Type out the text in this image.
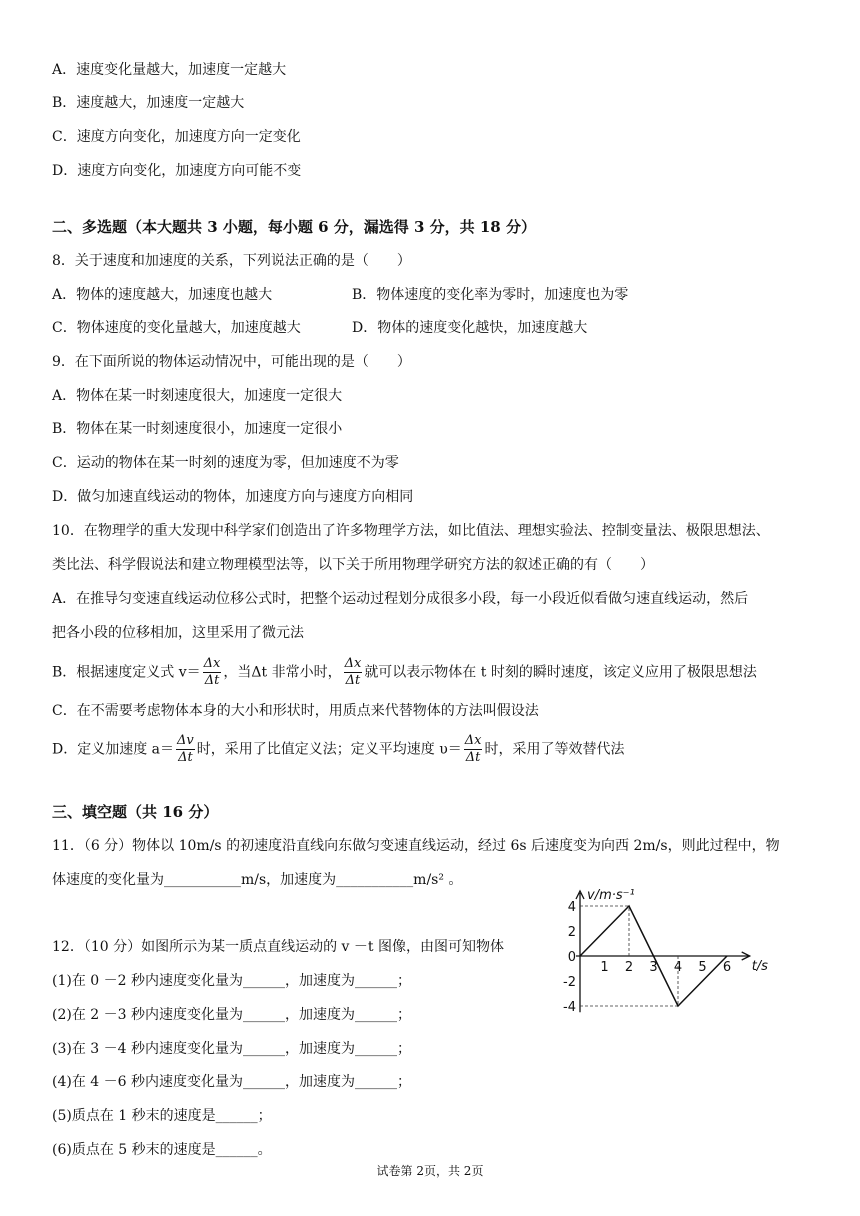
A．速度变化量越大，加速度一定越大
B．速度越大，加速度一定越大
C．速度方向变化，加速度方向一定变化
D．速度方向变化，加速度方向可能不变
二、多选题（本大题共 3 小题，每小题 6 分，漏选得 3 分，共 18 分）
8．关于速度和加速度的关系，下列说法正确的是（　　）
A．物体的速度越大，加速度也越大	B．物体速度的变化率为零时，加速度也为零
C．物体速度的变化量越大，加速度越大	D．物体的速度变化越快，加速度越大
9．在下面所说的物体运动情况中，可能出现的是（　　）
A．物体在某一时刻速度很大，加速度一定很大
B．物体在某一时刻速度很小，加速度一定很小
C．运动的物体在某一时刻的速度为零，但加速度不为零
D．做匀加速直线运动的物体，加速度方向与速度方向相同
10．在物理学的重大发现中科学家们创造出了许多物理学方法，如比值法、理想实验法、控制变量法、极限思想法、
类比法、科学假说法和建立物理模型法等，以下关于所用物理学研究方法的叙述正确的有（　　）
A．在推导匀变速直线运动位移公式时，把整个运动过程划分成很多小段，每一小段近似看做匀速直线运动，然后
把各小段的位移相加，这里采用了微元法
B．根据速度定义式 $v= \frac{\Delta x}{\Delta t}$ ，当Δt 非常小时， $\frac{\Delta x}{\Delta t}$ 就可以表示物体在 t 时刻的瞬时速度，该定义应用了极限思想法
C．在不需要考虑物体本身的大小和形状时，用质点来代替物体的方法叫假设法
D．定义加速度 $a= \frac{\Delta v}{\Delta t}$ 时，采用了比值定义法；定义平均速度 $\upsilon= \frac{\Delta x}{\Delta t}$ 时，采用了等效替代法
三、填空题（共 16 分）
11．（6 分）物体以 10m/s 的初速度沿直线向东做匀变速直线运动，经过 6s 后速度变为向西 2m/s，则此过程中，物
体速度的变化量为___________m/s，加速度为___________m/s² 。
12．（10 分）如图所示为某一质点直线运动的 v －t 图像，由图可知物体
(1)在 0 －2 秒内速度变化量为______，加速度为______；
(2)在 2 －3 秒内速度变化量为______，加速度为______；
(3)在 3 －4 秒内速度变化量为______，加速度为______；
(4)在 4 －6 秒内速度变化量为______，加速度为______；
(5)质点在 1 秒末的速度是______；
(6)质点在 5 秒末的速度是______。
4
2
0
-2
-4
1 2 3 4 5 6
v/m·s⁻¹
t/s
试卷第 2页，共 2页
